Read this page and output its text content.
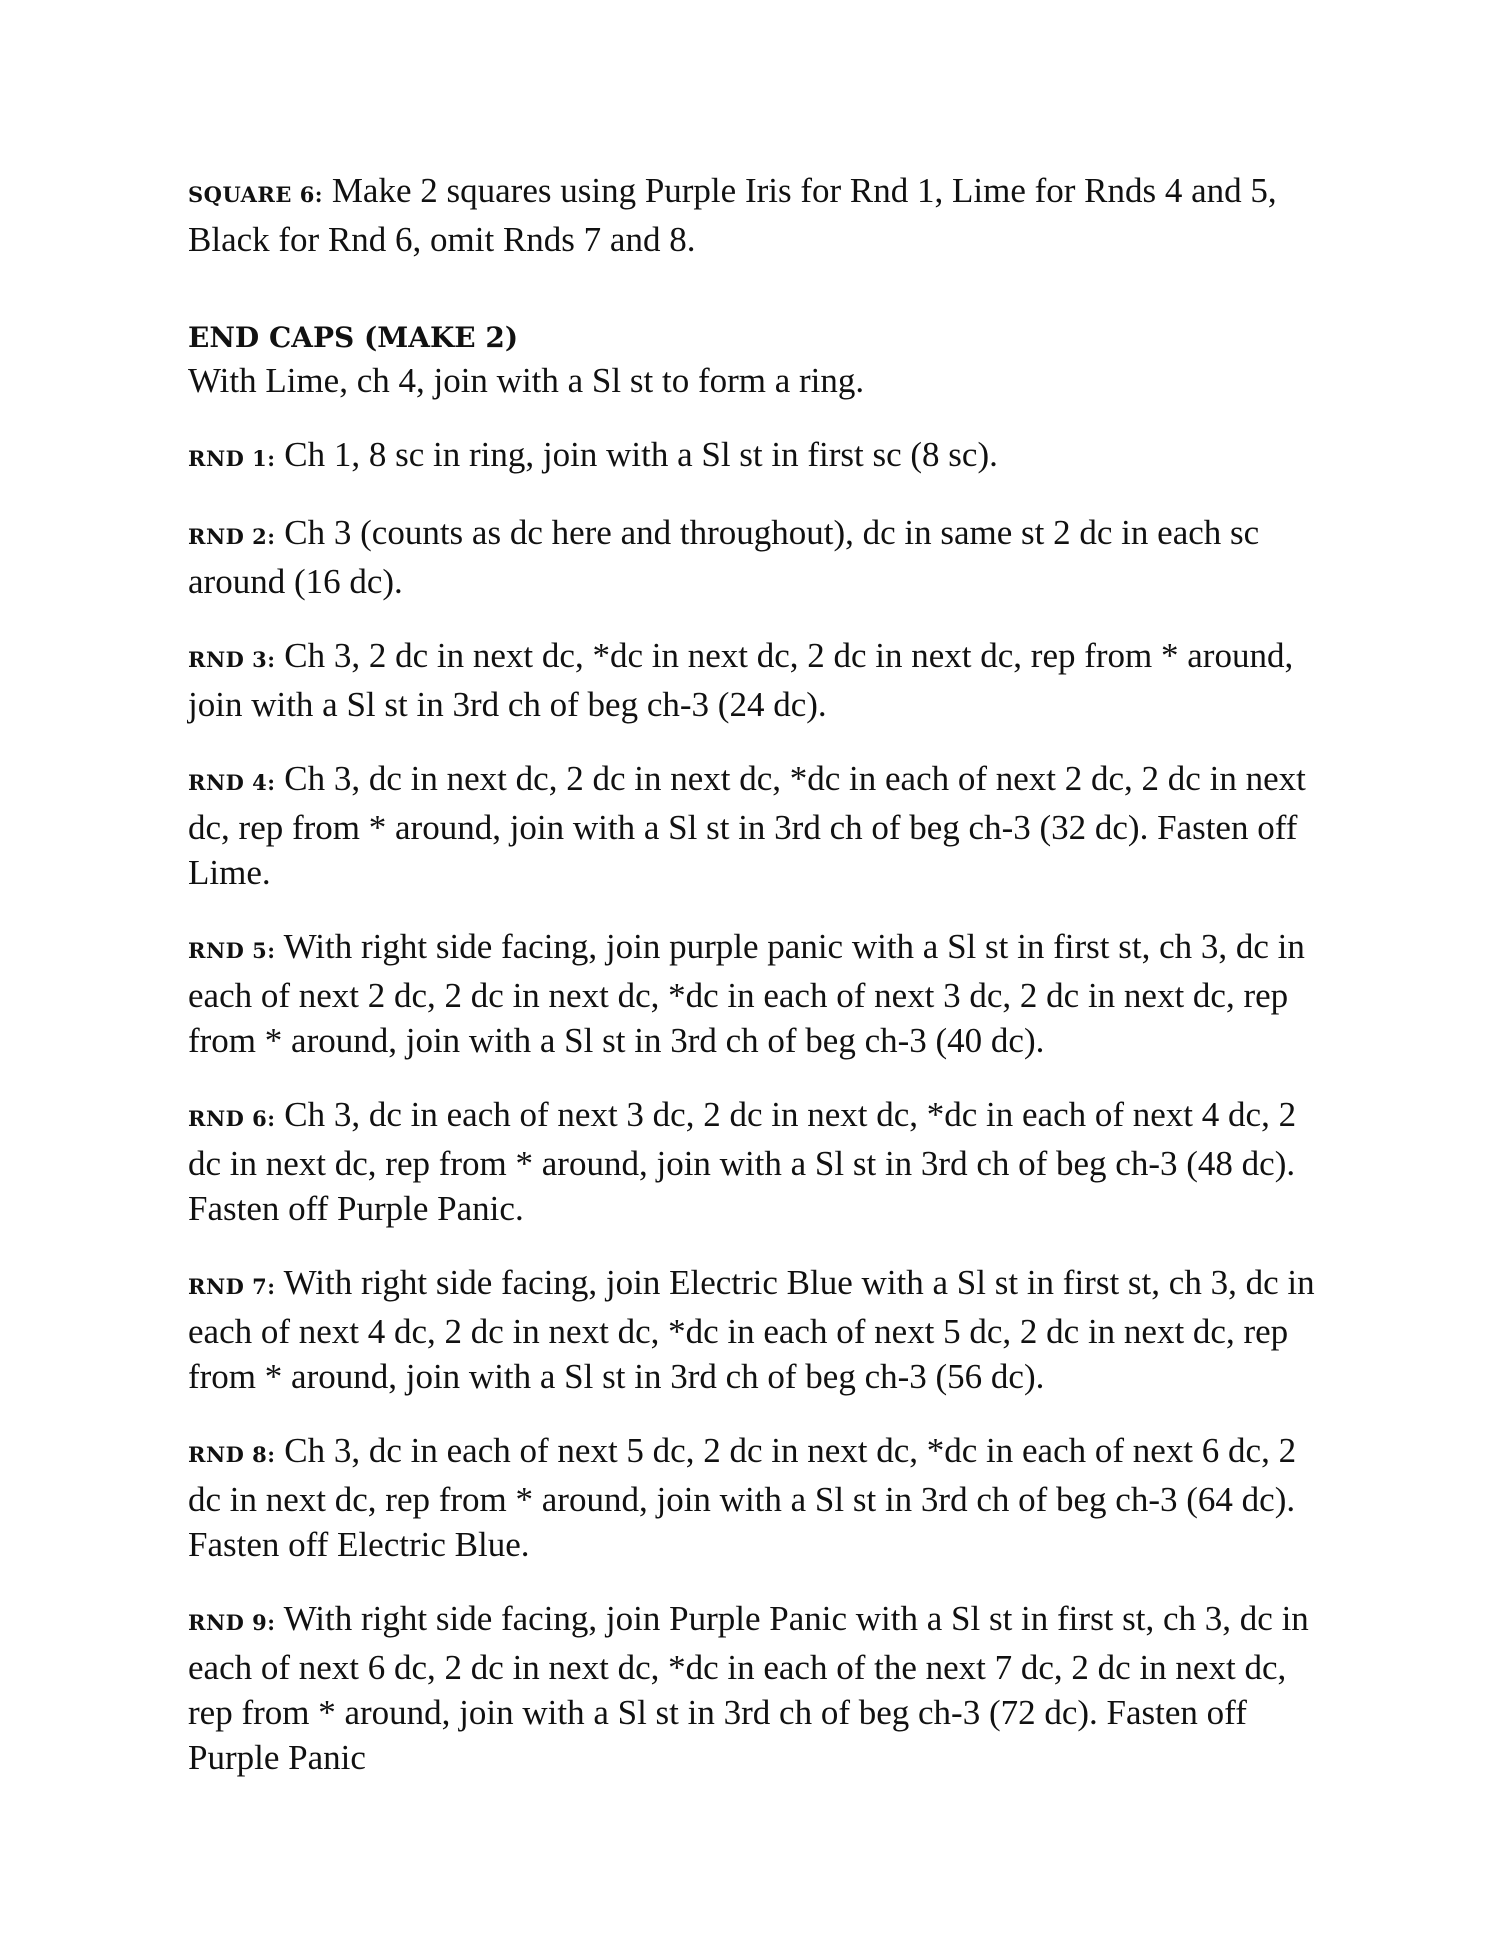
SQUARE 6: Make 2 squares using Purple Iris for Rnd 1, Lime for Rnds 4 and 5, Black for Rnd 6, omit Rnds 7 and 8.

END CAPS (MAKE 2)

With Lime, ch 4, join with a Sl st to form a ring.

RND 1: Ch 1, 8 sc in ring, join with a Sl st in first sc (8 sc).

RND 2: Ch 3 (counts as dc here and throughout), dc in same st 2 dc in each sc around (16 dc).

RND 3: Ch 3, 2 dc in next dc, *dc in next dc, 2 dc in next dc, rep from * around, join with a Sl st in 3rd ch of beg ch-3 (24 dc).

RND 4: Ch 3, dc in next dc, 2 dc in next dc, *dc in each of next 2 dc, 2 dc in next dc, rep from * around, join with a Sl st in 3rd ch of beg ch-3 (32 dc). Fasten off Lime.

RND 5: With right side facing, join purple panic with a Sl st in first st, ch 3, dc in each of next 2 dc, 2 dc in next dc, *dc in each of next 3 dc, 2 dc in next dc, rep from * around, join with a Sl st in 3rd ch of beg ch-3 (40 dc).

RND 6: Ch 3, dc in each of next 3 dc, 2 dc in next dc, *dc in each of next 4 dc, 2 dc in next dc, rep from * around, join with a Sl st in 3rd ch of beg ch-3 (48 dc). Fasten off Purple Panic.

RND 7: With right side facing, join Electric Blue with a Sl st in first st, ch 3, dc in each of next 4 dc, 2 dc in next dc, *dc in each of next 5 dc, 2 dc in next dc, rep from * around, join with a Sl st in 3rd ch of beg ch-3 (56 dc).

RND 8: Ch 3, dc in each of next 5 dc, 2 dc in next dc, *dc in each of next 6 dc, 2 dc in next dc, rep from * around, join with a Sl st in 3rd ch of beg ch-3 (64 dc). Fasten off Electric Blue.

RND 9: With right side facing, join Purple Panic with a Sl st in first st, ch 3, dc in each of next 6 dc, 2 dc in next dc, *dc in each of the next 7 dc, 2 dc in next dc, rep from * around, join with a Sl st in 3rd ch of beg ch-3 (72 dc). Fasten off Purple Panic
